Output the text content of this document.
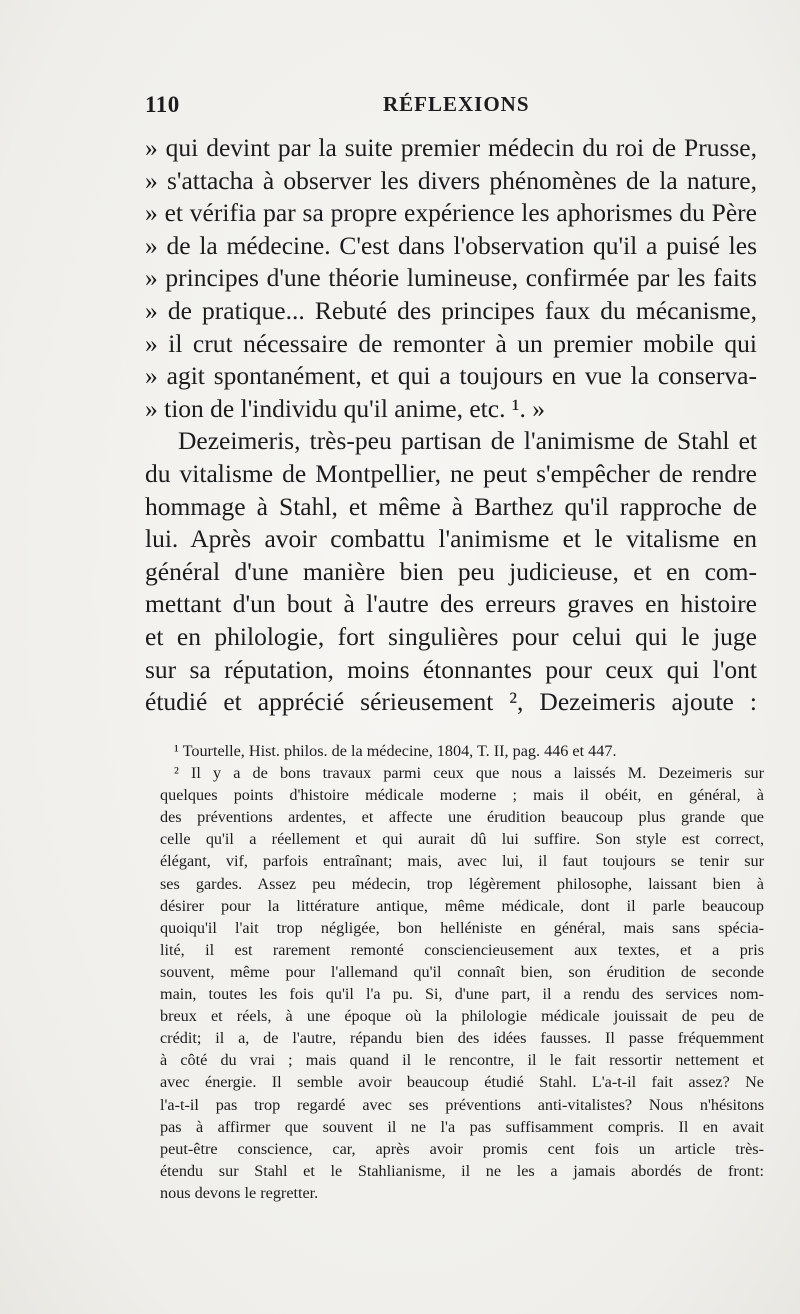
110	RÉFLEXIONS
» qui devint par la suite premier médecin du roi de Prusse,
» s'attacha à observer les divers phénomènes de la nature,
» et vérifia par sa propre expérience les aphorismes du Père
» de la médecine. C'est dans l'observation qu'il a puisé les
» principes d'une théorie lumineuse, confirmée par les faits
» de pratique... Rebuté des principes faux du mécanisme,
» il crut nécessaire de remonter à un premier mobile qui
» agit spontanément, et qui a toujours en vue la conserva-
» tion de l'individu qu'il anime, etc. ¹. »
Dezeimeris, très-peu partisan de l'animisme de Stahl et
du vitalisme de Montpellier, ne peut s'empêcher de rendre
hommage à Stahl, et même à Barthez qu'il rapproche de
lui. Après avoir combattu l'animisme et le vitalisme en
général d'une manière bien peu judicieuse, et en com-
mettant d'un bout à l'autre des erreurs graves en histoire
et en philologie, fort singulières pour celui qui le juge
sur sa réputation, moins étonnantes pour ceux qui l'ont
étudié et apprécié sérieusement ², Dezeimeris ajoute :
¹ Tourtelle, Hist. philos. de la médecine, 1804, T. II, pag. 446 et 447.
² Il y a de bons travaux parmi ceux que nous a laissés M. Dezeimeris sur
quelques points d'histoire médicale moderne ; mais il obéit, en général, à
des préventions ardentes, et affecte une érudition beaucoup plus grande que
celle qu'il a réellement et qui aurait dû lui suffire. Son style est correct,
élégant, vif, parfois entraînant; mais, avec lui, il faut toujours se tenir sur
ses gardes. Assez peu médecin, trop légèrement philosophe, laissant bien à
désirer pour la littérature antique, même médicale, dont il parle beaucoup
quoiqu'il l'ait trop négligée, bon helléniste en général, mais sans spécia-
lité, il est rarement remonté consciencieusement aux textes, et a pris
souvent, même pour l'allemand qu'il connaît bien, son érudition de seconde
main, toutes les fois qu'il l'a pu. Si, d'une part, il a rendu des services nom-
breux et réels, à une époque où la philologie médicale jouissait de peu de
crédit; il a, de l'autre, répandu bien des idées fausses. Il passe fréquemment
à côté du vrai ; mais quand il le rencontre, il le fait ressortir nettement et
avec énergie. Il semble avoir beaucoup étudié Stahl. L'a-t-il fait assez? Ne
l'a-t-il pas trop regardé avec ses préventions anti-vitalistes? Nous n'hésitons
pas à affirmer que souvent il ne l'a pas suffisamment compris. Il en avait
peut-être conscience, car, après avoir promis cent fois un article très-
étendu sur Stahl et le Stahlianisme, il ne les a jamais abordés de front:
nous devons le regretter.
